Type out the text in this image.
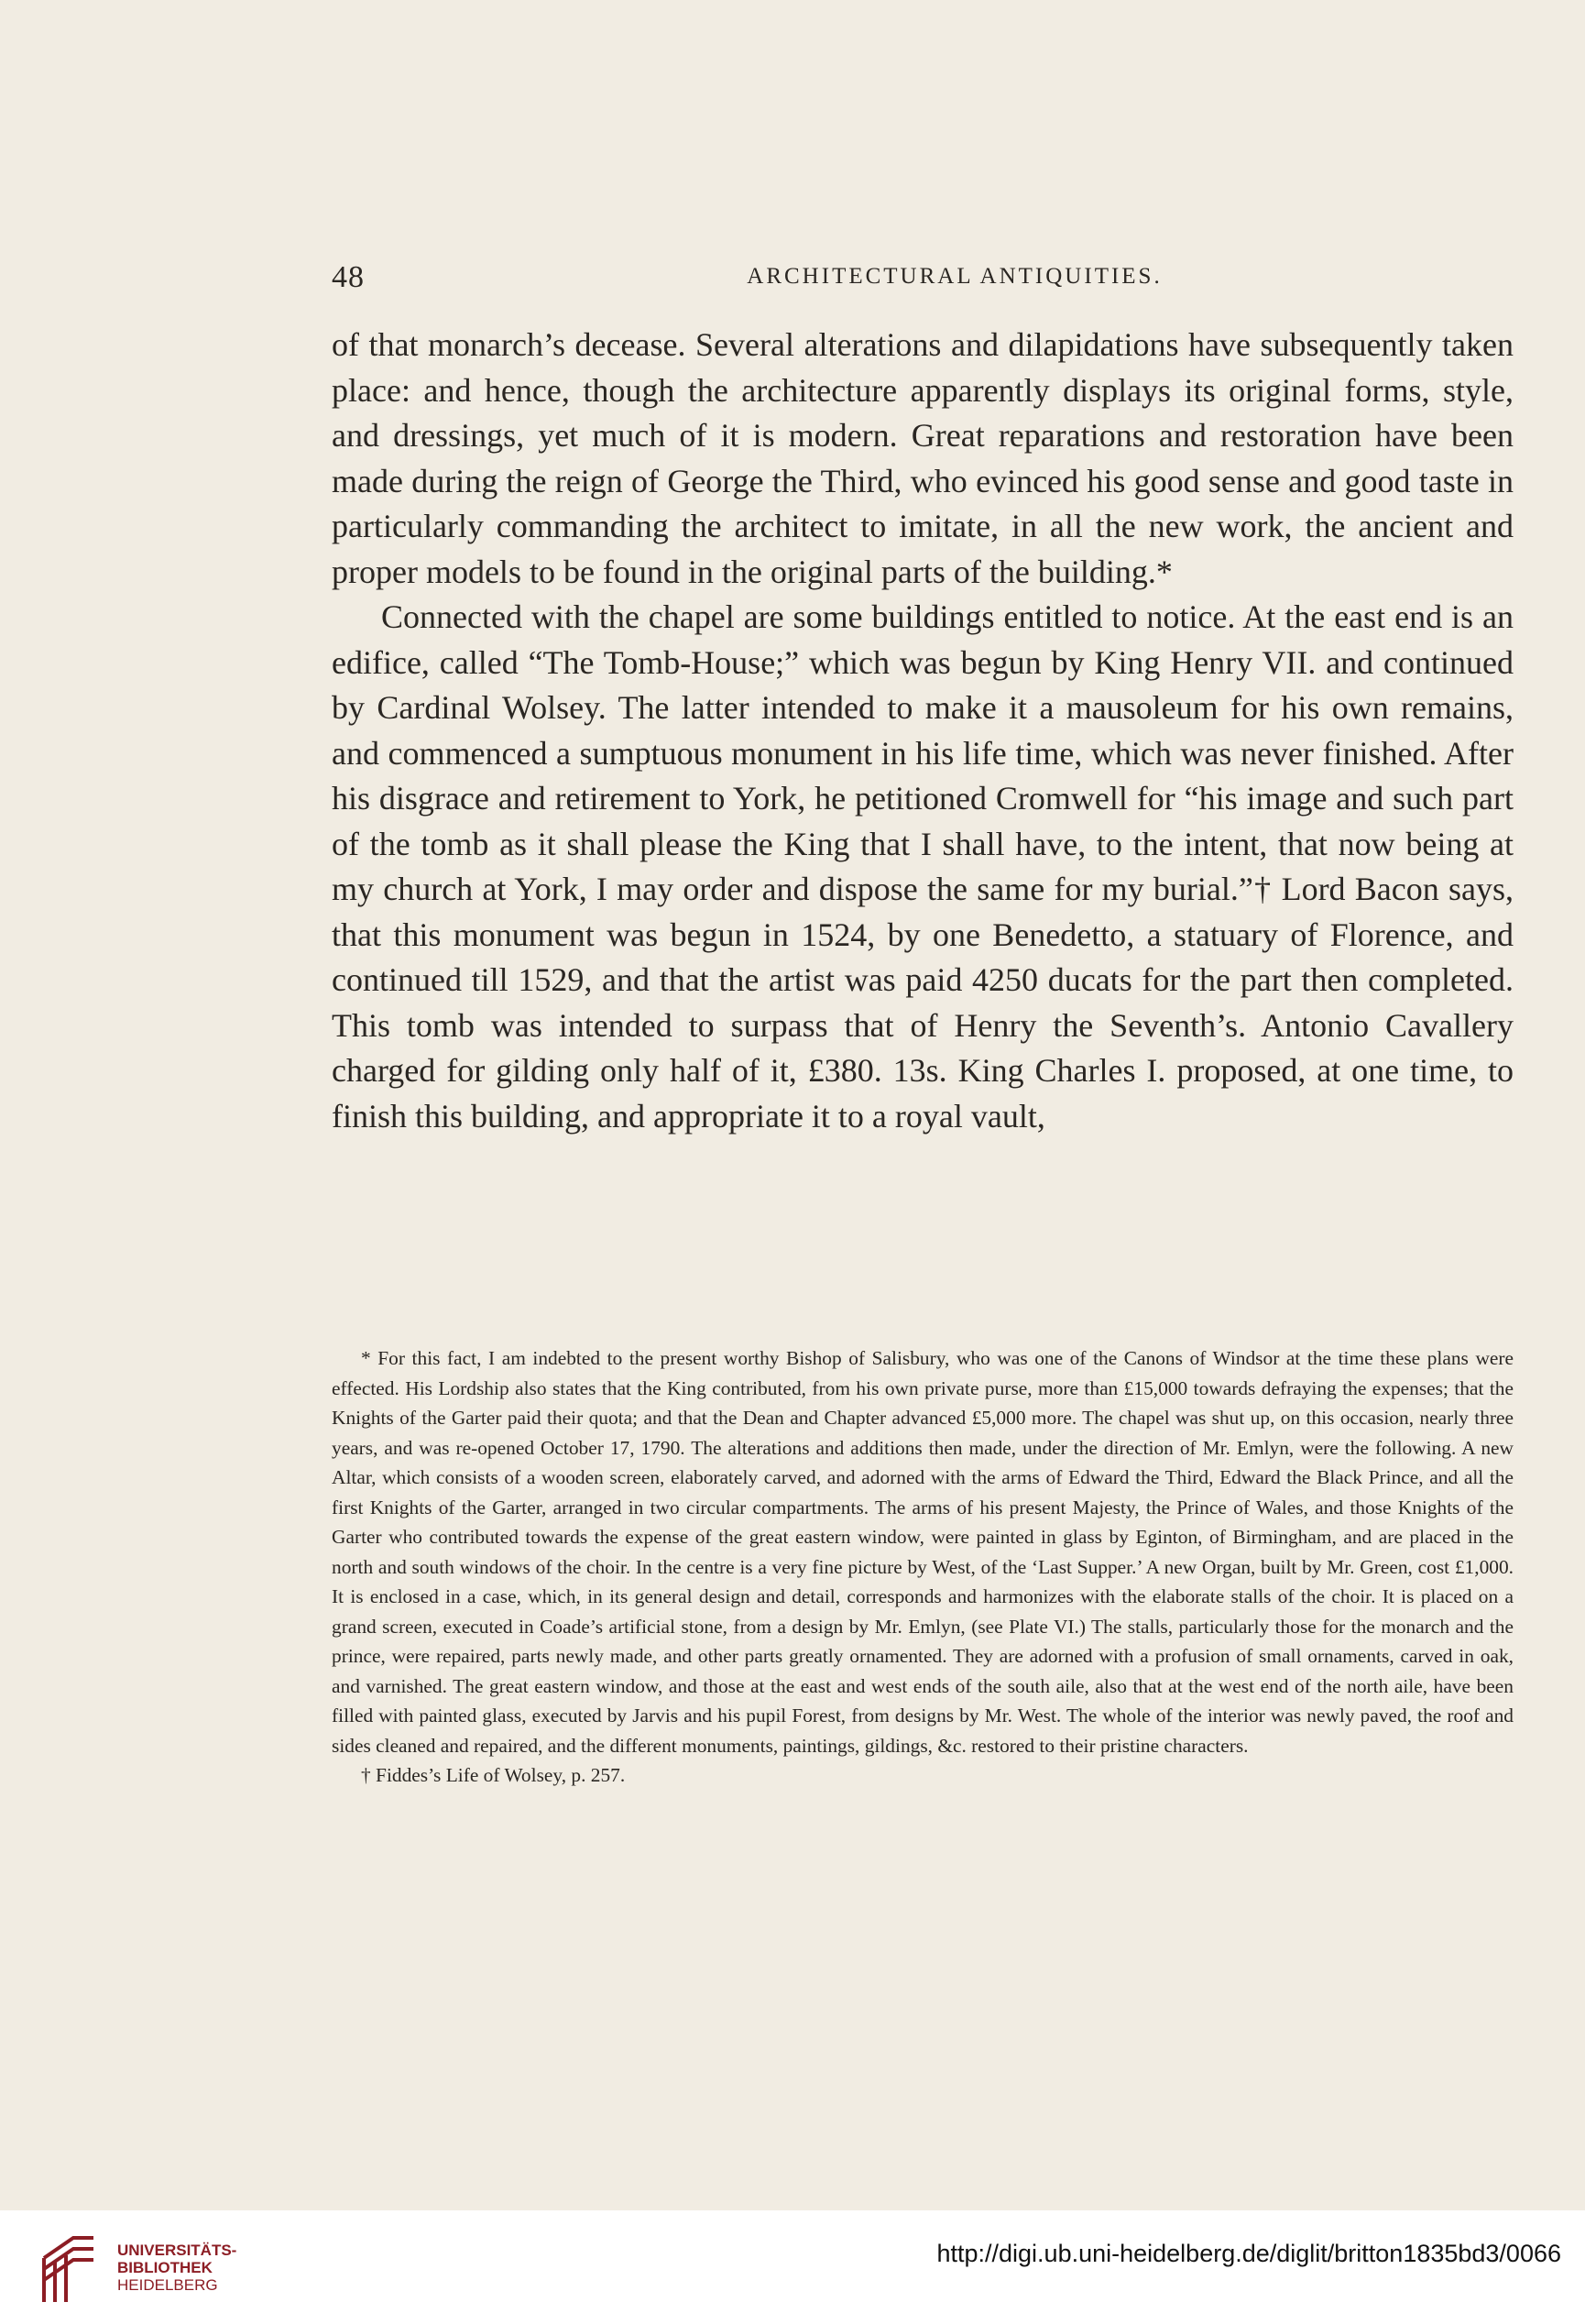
48	ARCHITECTURAL ANTIQUITIES.

of that monarch’s decease. Several alterations and dilapidations have subsequently taken place: and hence, though the architecture apparently displays its original forms, style, and dressings, yet much of it is modern. Great reparations and restoration have been made during the reign of George the Third, who evinced his good sense and good taste in particularly commanding the architect to imitate, in all the new work, the ancient and proper models to be found in the original parts of the building.*

Connected with the chapel are some buildings entitled to notice. At the east end is an edifice, called “The Tomb-House;” which was begun by King Henry VII. and continued by Cardinal Wolsey. The latter intended to make it a mausoleum for his own remains, and commenced a sumptuous monument in his life time, which was never finished. After his disgrace and retirement to York, he petitioned Cromwell for “his image and such part of the tomb as it shall please the King that I shall have, to the intent, that now being at my church at York, I may order and dispose the same for my burial.”† Lord Bacon says, that this monument was begun in 1524, by one Benedetto, a statuary of Florence, and continued till 1529, and that the artist was paid 4250 ducats for the part then completed. This tomb was intended to surpass that of Henry the Seventh’s. Antonio Cavallery charged for gilding only half of it, £380. 13s. King Charles I. proposed, at one time, to finish this building, and appropriate it to a royal vault,

* For this fact, I am indebted to the present worthy Bishop of Salisbury, who was one of the Canons of Windsor at the time these plans were effected. His Lordship also states that the King contributed, from his own private purse, more than £15,000 towards defraying the expenses; that the Knights of the Garter paid their quota; and that the Dean and Chapter advanced £5,000 more. The chapel was shut up, on this occasion, nearly three years, and was re-opened October 17, 1790. The alterations and additions then made, under the direction of Mr. Emlyn, were the following. A new Altar, which consists of a wooden screen, elaborately carved, and adorned with the arms of Edward the Third, Edward the Black Prince, and all the first Knights of the Garter, arranged in two circular compartments. The arms of his present Majesty, the Prince of Wales, and those Knights of the Garter who contributed towards the expense of the great eastern window, were painted in glass by Eginton, of Birmingham, and are placed in the north and south windows of the choir. In the centre is a very fine picture by West, of the ‘Last Supper.’ A new Organ, built by Mr. Green, cost £1,000. It is enclosed in a case, which, in its general design and detail, corresponds and harmonizes with the elaborate stalls of the choir. It is placed on a grand screen, executed in Coade’s artificial stone, from a design by Mr. Emlyn, (see Plate VI.) The stalls, particularly those for the monarch and the prince, were repaired, parts newly made, and other parts greatly ornamented. They are adorned with a profusion of small ornaments, carved in oak, and varnished. The great eastern window, and those at the east and west ends of the south aile, also that at the west end of the north aile, have been filled with painted glass, executed by Jarvis and his pupil Forest, from designs by Mr. West. The whole of the interior was newly paved, the roof and sides cleaned and repaired, and the different monuments, paintings, gildings, &c. restored to their pristine characters.

† Fiddes’s Life of Wolsey, p. 257.

UNIVERSITÄTS-
BIBLIOTHEK
HEIDELBERG
http://digi.ub.uni-heidelberg.de/diglit/britton1835bd3/0066
